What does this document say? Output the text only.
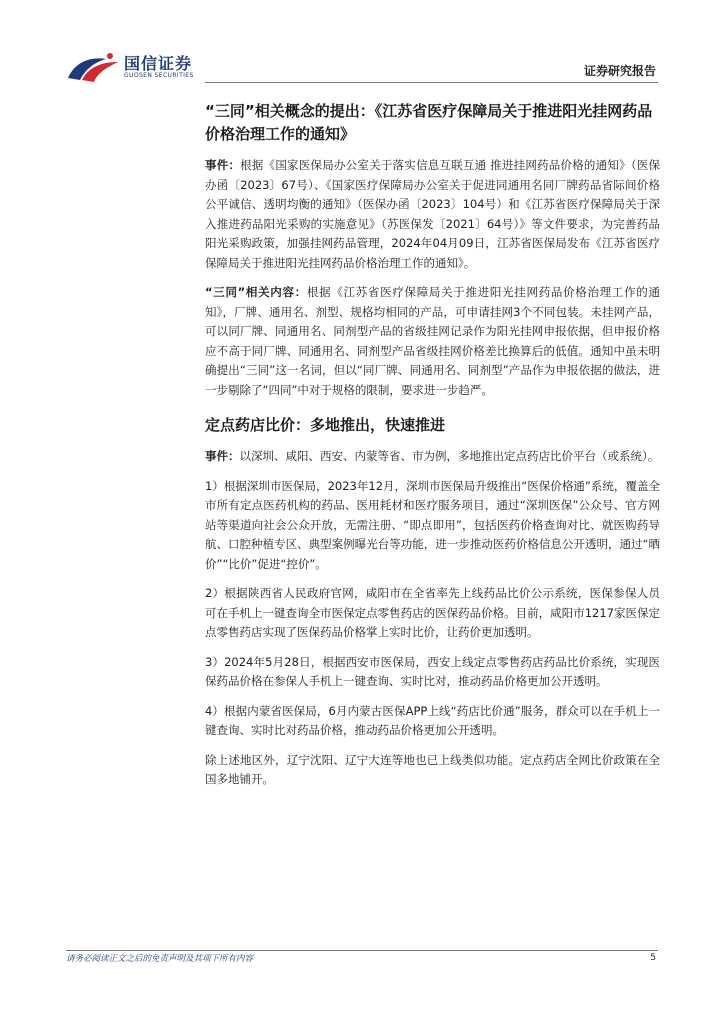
国信证券
GUOSEN SECURITIES	证券研究报告
“三同”相关概念的提出：《江苏省医疗保障局关于推进阳光挂网药品价格治理工作的通知》

事件：根据《国家医保局办公室关于落实信息互联互通 推进挂网药品价格的通知》（医保办函〔2023〕67号）、《国家医疗保障局办公室关于促进同通用名同厂牌药品省际间价格公平诚信、透明均衡的通知》（医保办函〔2023〕104号）和《江苏省医疗保障局关于深入推进药品阳光采购的实施意见》（苏医保发〔2021〕64号）》等文件要求，为完善药品阳光采购政策，加强挂网药品管理，2024年04月09日，江苏省医保局发布《江苏省医疗保障局关于推进阳光挂网药品价格治理工作的通知》。

“三同”相关内容：根据《江苏省医疗保障局关于推进阳光挂网药品价格治理工作的通知》，厂牌、通用名、剂型、规格均相同的产品，可申请挂网3个不同包装。未挂网产品，可以同厂牌、同通用名、同剂型产品的省级挂网记录作为阳光挂网申报依据，但申报价格应不高于同厂牌、同通用名、同剂型产品省级挂网价格差比换算后的低值。通知中虽未明确提出“三同”这一名词，但以“同厂牌、同通用名、同剂型”产品作为申报依据的做法，进一步剔除了“四同”中对于规格的限制，要求进一步趋严。

定点药店比价：多地推出，快速推进

事件：以深圳、咸阳、西安、内蒙等省、市为例，多地推出定点药店比价平台（或系统）。

1）根据深圳市医保局，2023年12月，深圳市医保局升级推出“医保价格通”系统，覆盖全市所有定点医药机构的药品、医用耗材和医疗服务项目，通过“深圳医保”公众号、官方网站等渠道向社会公众开放，无需注册、“即点即用”，包括医药价格查询对比、就医购药导航、口腔种植专区、典型案例曝光台等功能，进一步推动医药价格信息公开透明，通过“晒价”“比价”促进“控价”。

2）根据陕西省人民政府官网，咸阳市在全省率先上线药品比价公示系统，医保参保人员可在手机上一键查询全市医保定点零售药店的医保药品价格。目前，咸阳市1217家医保定点零售药店实现了医保药品价格掌上实时比价，让药价更加透明。

3）2024年5月28日，根据西安市医保局，西安上线定点零售药店药品比价系统，实现医保药品价格在参保人手机上一键查询、实时比对，推动药品价格更加公开透明。

4）根据内蒙省医保局，6月内蒙古医保APP上线“药店比价通”服务，群众可以在手机上一键查询、实时比对药品价格，推动药品价格更加公开透明。

除上述地区外，辽宁沈阳、辽宁大连等地也已上线类似功能。定点药店全网比价政策在全国多地铺开。

请务必阅读正文之后的免责声明及其项下所有内容	5
